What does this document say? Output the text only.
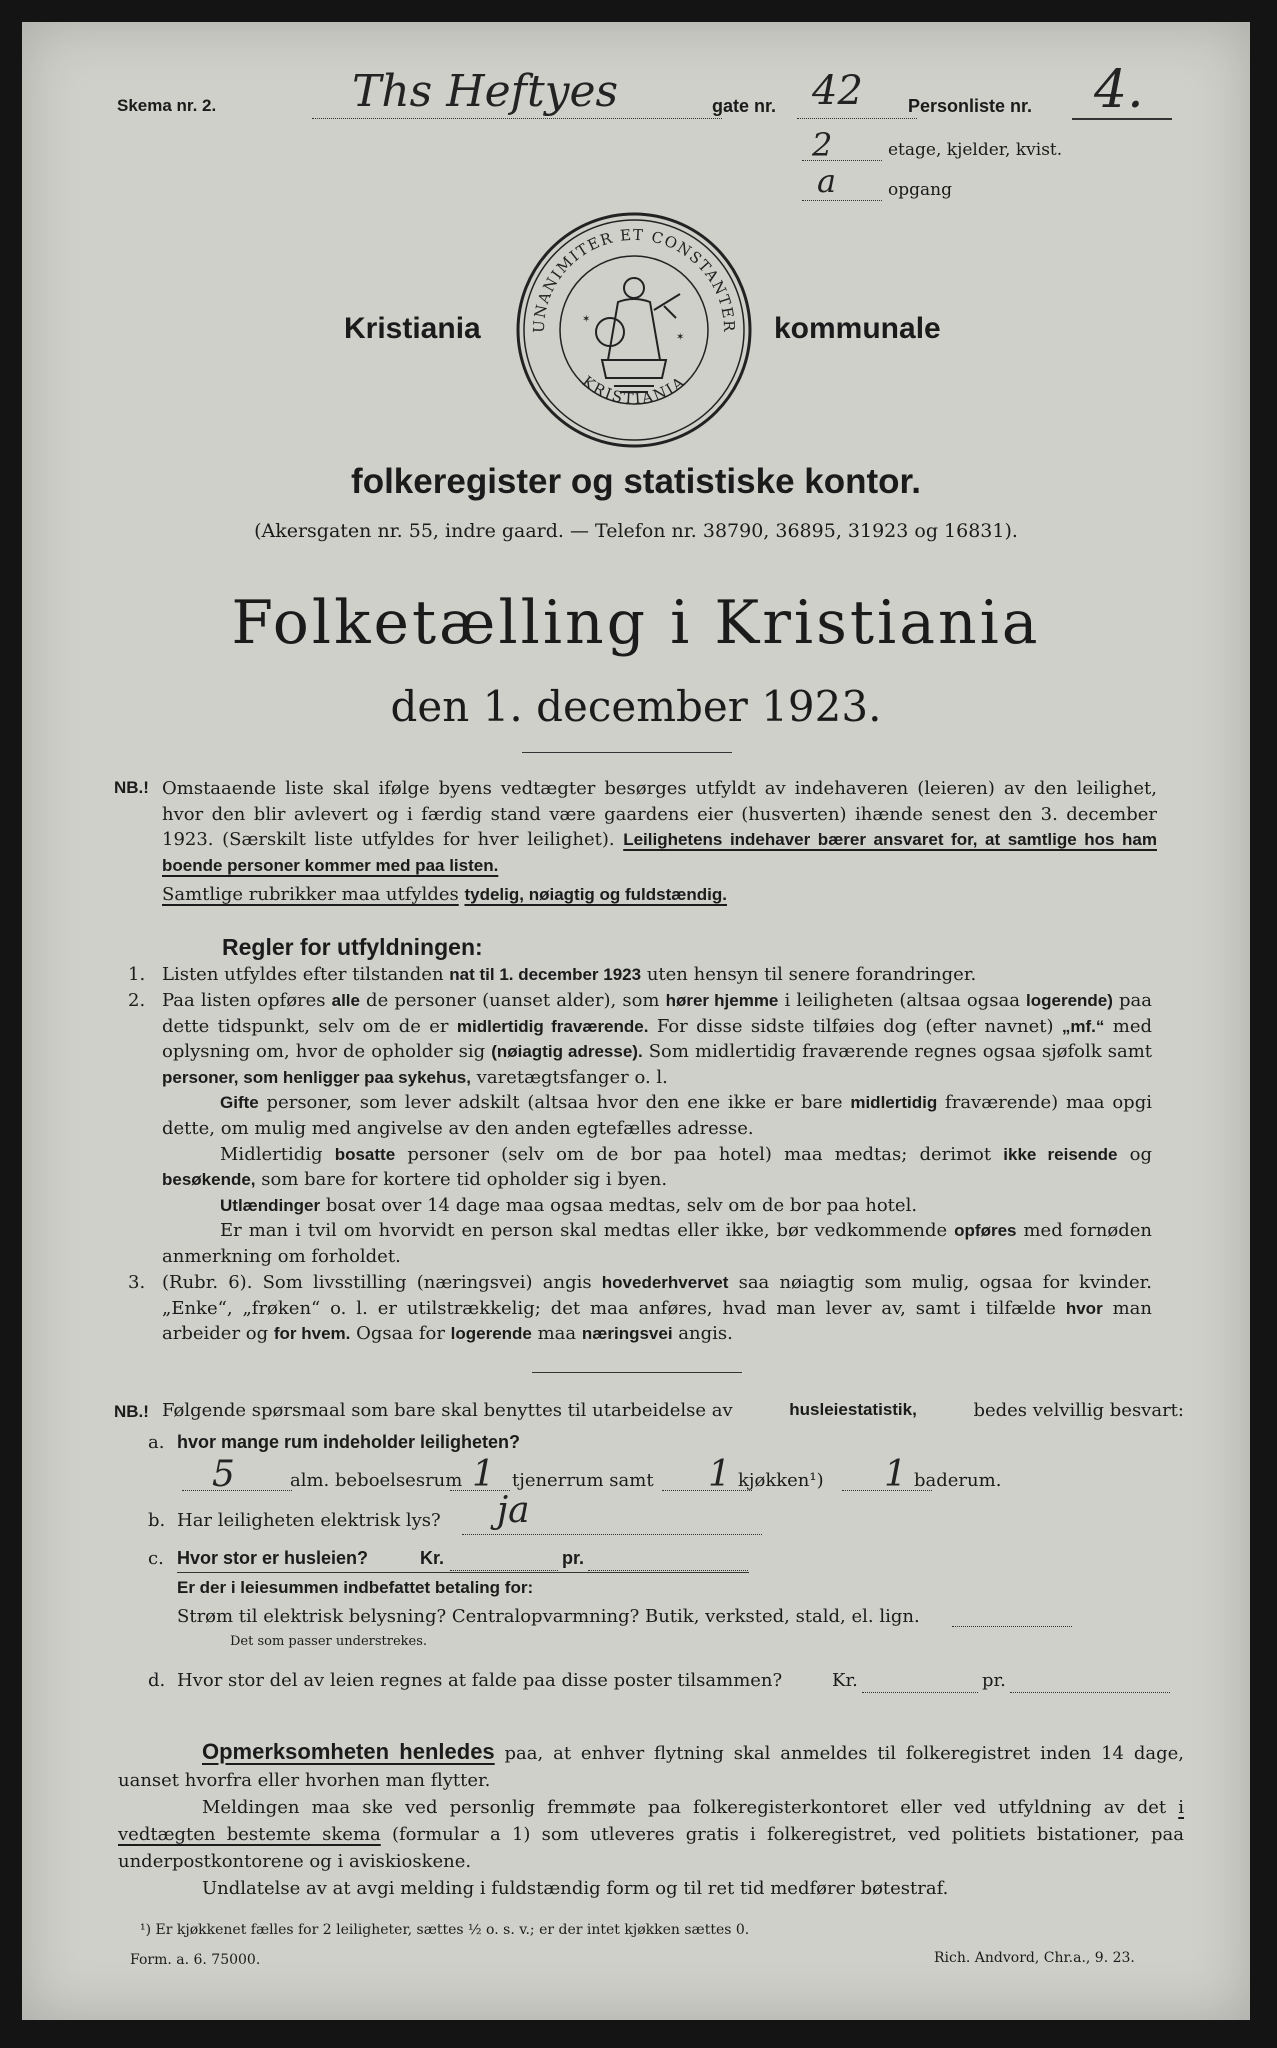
Skema nr. 2.	Ths Heftyes	gate nr. 42	Personliste nr. 4.
2	etage, kjelder, kvist.
a	opgang
Kristiania	kommunale
UNANIMITER ET CONSTANTER
KRISTIANIA
✶
✶
folkeregister og statistiske kontor.
(Akersgaten nr. 55, indre gaard. — Telefon nr. 38790, 36895, 31923 og 16831).
Folketælling i Kristiania
den 1. december 1923.
NB.! Omstaaende liste skal ifølge byens vedtægter besørges utfyldt av indehaveren (leieren) av den leilighet, hvor den blir avlevert og i færdig stand være gaardens eier (husverten) ihænde senest den 3. december 1923. (Særskilt liste utfyldes for hver leilighet). Leilighetens indehaver bærer ansvaret for, at samtlige hos ham boende personer kommer med paa listen.

Samtlige rubrikker maa utfyldes tydelig, nøiagtig og fuldstændig.

Regler for utfyldningen:
1. Listen utfyldes efter tilstanden nat til 1. december 1923 uten hensyn til senere forandringer.

2. Paa listen opføres alle de personer (uanset alder), som hører hjemme i leiligheten (altsaa ogsaa logerende) paa dette tidspunkt, selv om de er midlertidig fraværende. For disse sidste tilføies dog (efter navnet) „mf.“ med oplysning om, hvor de opholder sig (nøiagtig adresse). Som midlertidig fraværende regnes ogsaa sjøfolk samt personer, som henligger paa sykehus, varetægtsfanger o. l.

Gifte personer, som lever adskilt (altsaa hvor den ene ikke er bare midlertidig fraværende) maa opgi dette, om mulig med angivelse av den anden egtefælles adresse.

Midlertidig bosatte personer (selv om de bor paa hotel) maa medtas; derimot ikke reisende og besøkende, som bare for kortere tid opholder sig i byen.

Utlændinger bosat over 14 dage maa ogsaa medtas, selv om de bor paa hotel.

Er man i tvil om hvorvidt en person skal medtas eller ikke, bør vedkommende opføres med fornøden anmerkning om forholdet.

3. (Rubr. 6). Som livsstilling (næringsvei) angis hovederhvervet saa nøiagtig som mulig, ogsaa for kvinder. „Enke“, „frøken“ o. l. er utilstrækkelig; det maa anføres, hvad man lever av, samt i tilfælde hvor man arbeider og for hvem. Ogsaa for logerende maa næringsvei angis.

NB.! Følgende spørsmaal som bare skal benyttes til utarbeidelse av	husleiestatistik,	bedes velvillig besvart:
a. hvor mange rum indeholder leiligheten?
5	alm. beboelsesrum 1 tjenerrum samt 1 kjøkken¹) 1 baderum.
b. Har leiligheten elektrisk lys? ja
c. Hvor stor er husleien?	Kr.	pr.
Er der i leiesummen indbefattet betaling for:
Strøm til elektrisk belysning? Centralopvarmning? Butik, verksted, stald, el. lign.
Det som passer understrekes.
d. Hvor stor del av leien regnes at falde paa disse poster tilsammen?	Kr.	pr.

Opmerksomheten henledes paa, at enhver flytning skal anmeldes til folkeregistret inden 14 dage, uanset hvorfra eller hvorhen man flytter.

Meldingen maa ske ved personlig fremmøte paa folkeregisterkontoret eller ved utfyldning av det i vedtægten bestemte skema (formular a 1) som utleveres gratis i folkeregistret, ved politiets bistationer, paa underpostkontorene og i aviskioskene.

Undlatelse av at avgi melding i fuldstændig form og til ret tid medfører bøtestraf.

¹) Er kjøkkenet fælles for 2 leiligheter, sættes ½ o. s. v.; er der intet kjøkken sættes 0.
Form. a. 6. 75000.	Rich. Andvord, Chr.a., 9. 23.
